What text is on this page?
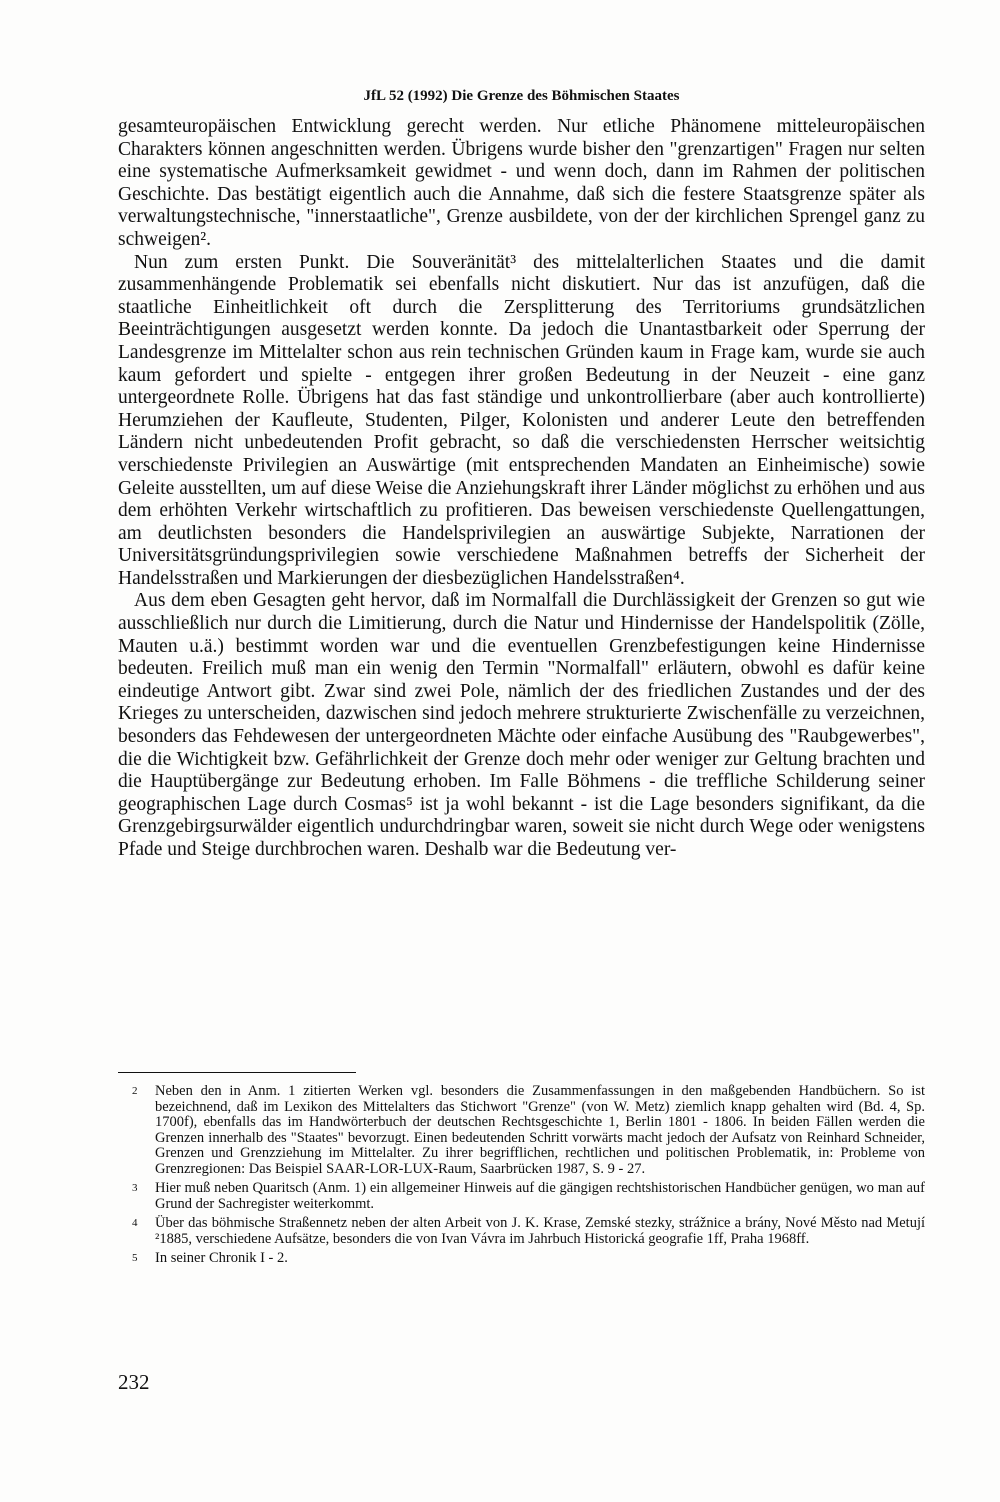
JfL 52 (1992) Die Grenze des Böhmischen Staates

gesamteuropäischen Entwicklung gerecht werden. Nur etliche Phänomene mitteleuropäischen Charakters können angeschnitten werden. Übrigens wurde bisher den "grenzartigen" Fragen nur selten eine systematische Aufmerksamkeit gewidmet - und wenn doch, dann im Rahmen der politischen Geschichte. Das bestätigt eigentlich auch die Annahme, daß sich die festere Staatsgrenze später als verwaltungstechnische, "innerstaatliche", Grenze ausbildete, von der der kirchlichen Sprengel ganz zu schweigen².

Nun zum ersten Punkt. Die Souveränität³ des mittelalterlichen Staates und die damit zusammenhängende Problematik sei ebenfalls nicht diskutiert. Nur das ist anzufügen, daß die staatliche Einheitlichkeit oft durch die Zersplitterung des Territoriums grundsätzlichen Beeinträchtigungen ausgesetzt werden konnte. Da jedoch die Unantastbarkeit oder Sperrung der Landesgrenze im Mittelalter schon aus rein technischen Gründen kaum in Frage kam, wurde sie auch kaum gefordert und spielte - entgegen ihrer großen Bedeutung in der Neuzeit - eine ganz untergeordnete Rolle. Übrigens hat das fast ständige und unkontrollierbare (aber auch kontrollierte) Herumziehen der Kaufleute, Studenten, Pilger, Kolonisten und anderer Leute den betreffenden Ländern nicht unbedeutenden Profit gebracht, so daß die verschiedensten Herrscher weitsichtig verschiedenste Privilegien an Auswärtige (mit entsprechenden Mandaten an Einheimische) sowie Geleite ausstellten, um auf diese Weise die Anziehungskraft ihrer Länder möglichst zu erhöhen und aus dem erhöhten Verkehr wirtschaftlich zu profitieren. Das beweisen verschiedenste Quellengattungen, am deutlichsten besonders die Handelsprivilegien an auswärtige Subjekte, Narrationen der Universitätsgründungsprivilegien sowie verschiedene Maßnahmen betreffs der Sicherheit der Handelsstraßen und Markierungen der diesbezüglichen Handelsstraßen⁴.

Aus dem eben Gesagten geht hervor, daß im Normalfall die Durchlässigkeit der Grenzen so gut wie ausschließlich nur durch die Limitierung, durch die Natur und Hindernisse der Handelspolitik (Zölle, Mauten u.ä.) bestimmt worden war und die eventuellen Grenzbefestigungen keine Hindernisse bedeuten. Freilich muß man ein wenig den Termin "Normalfall" erläutern, obwohl es dafür keine eindeutige Antwort gibt. Zwar sind zwei Pole, nämlich der des friedlichen Zustandes und der des Krieges zu unterscheiden, dazwischen sind jedoch mehrere strukturierte Zwischenfälle zu verzeichnen, besonders das Fehdewesen der untergeordneten Mächte oder einfache Ausübung des "Raubgewerbes", die die Wichtigkeit bzw. Gefährlichkeit der Grenze doch mehr oder weniger zur Geltung brachten und die Hauptübergänge zur Bedeutung erhoben. Im Falle Böhmens - die treffliche Schilderung seiner geographischen Lage durch Cosmas⁵ ist ja wohl bekannt - ist die Lage besonders signifikant, da die Grenzgebirgsurwälder eigentlich undurchdringbar waren, soweit sie nicht durch Wege oder wenigstens Pfade und Steige durchbrochen waren. Deshalb war die Bedeutung ver-

2	Neben den in Anm. 1 zitierten Werken vgl. besonders die Zusammenfassungen in den maßgebenden Handbüchern. So ist bezeichnend, daß im Lexikon des Mittelalters das Stichwort "Grenze" (von W. Metz) ziemlich knapp gehalten wird (Bd. 4, Sp. 1700f), ebenfalls das im Handwörterbuch der deutschen Rechtsgeschichte 1, Berlin 1801 - 1806. In beiden Fällen werden die Grenzen innerhalb des "Staates" bevorzugt. Einen bedeutenden Schritt vorwärts macht jedoch der Aufsatz von Reinhard Schneider, Grenzen und Grenzziehung im Mittelalter. Zu ihrer begrifflichen, rechtlichen und politischen Problematik, in: Probleme von Grenzregionen: Das Beispiel SAAR-LOR-LUX-Raum, Saarbrücken 1987, S. 9 - 27.
3	Hier muß neben Quaritsch (Anm. 1) ein allgemeiner Hinweis auf die gängigen rechtshistorischen Handbücher genügen, wo man auf Grund der Sachregister weiterkommt.
4	Über das böhmische Straßennetz neben der alten Arbeit von J. K. Krase, Zemské stezky, strážnice a brány, Nové Město nad Metují ²1885, verschiedene Aufsätze, besonders die von Ivan Vávra im Jahrbuch Historická geografie 1ff, Praha 1968ff.
5	In seiner Chronik I - 2.
232
